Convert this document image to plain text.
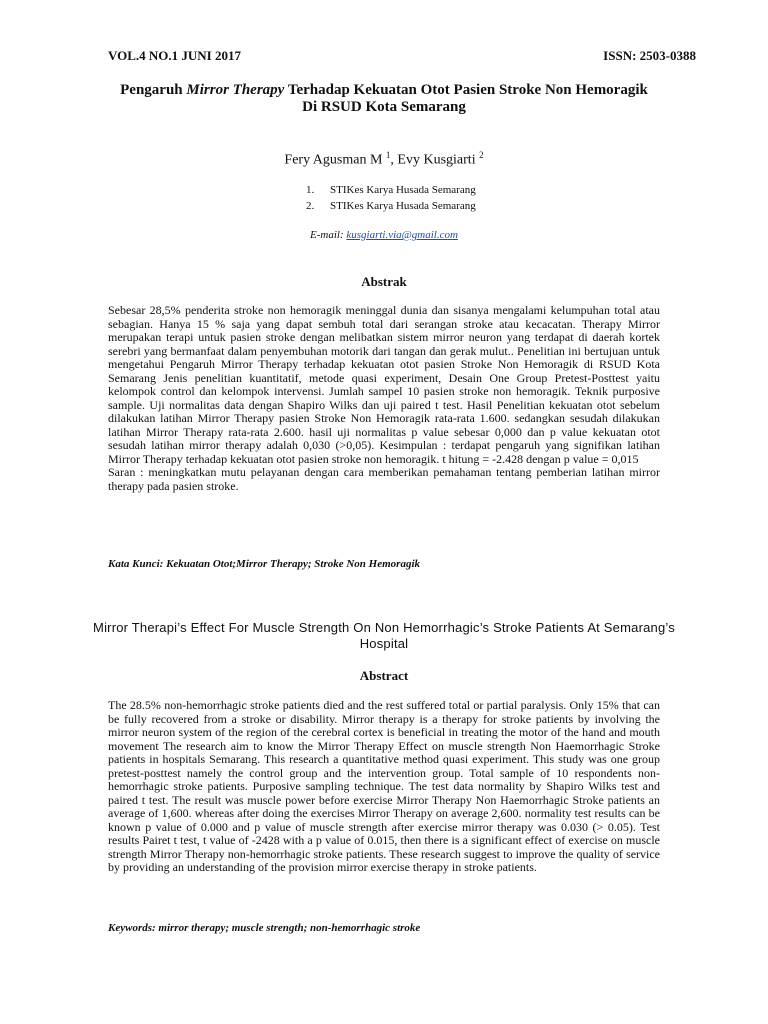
VOL.4 NO.1 JUNI 2017	ISSN: 2503-0388
Pengaruh Mirror Therapy Terhadap Kekuatan Otot Pasien Stroke Non Hemoragik
Di RSUD Kota Semarang
Fery Agusman M $^1$, Evy Kusgiarti $^2$
1.	STIKes Karya Husada Semarang
2.	STIKes Karya Husada Semarang
E-mail: kusgiarti.via@gmail.com
Abstrak

Sebesar 28,5% penderita stroke non hemoragik meninggal dunia dan sisanya mengalami kelumpuhan total atau sebagian. Hanya 15 % saja yang dapat sembuh total dari serangan stroke atau kecacatan. Therapy Mirror merupakan terapi untuk pasien stroke dengan melibatkan sistem mirror neuron yang terdapat di daerah kortek serebri yang bermanfaat dalam penyembuhan motorik dari tangan dan gerak mulut.. Penelitian ini bertujuan untuk mengetahui Pengaruh Mirror Therapy terhadap kekuatan otot pasien Stroke Non Hemoragik di RSUD Kota Semarang Jenis penelitian kuantitatif, metode quasi experiment, Desain One Group Pretest-Posttest yaitu kelompok control dan kelompok intervensi. Jumlah sampel 10 pasien stroke non hemoragik. Teknik purposive sample. Uji normalitas data dengan Shapiro Wilks dan uji paired t test. Hasil Penelitian kekuatan otot sebelum dilakukan latihan Mirror Therapy pasien Stroke Non Hemoragik rata-rata 1.600. sedangkan sesudah dilakukan latihan Mirror Therapy rata-rata 2.600. hasil uji normalitas p value sebesar 0,000 dan p value kekuatan otot sesudah latihan mirror therapy adalah 0,030 (>0,05). Kesimpulan : terdapat pengaruh yang signifikan latihan Mirror Therapy terhadap kekuatan otot pasien stroke non hemoragik. t hitung = -2.428 dengan p value = 0,015

Saran : meningkatkan mutu pelayanan dengan cara memberikan pemahaman tentang pemberian latihan mirror therapy pada pasien stroke.

Kata Kunci: Kekuatan Otot;Mirror Therapy; Stroke Non Hemoragik
Mirror Therapi’s Effect For Muscle Strength On Non Hemorrhagic’s Stroke Patients At Semarang’s Hospital
Abstract

The 28.5% non-hemorrhagic stroke patients died and the rest suffered total or partial paralysis. Only 15% that can be fully recovered from a stroke or disability. Mirror therapy is a therapy for stroke patients by involving the mirror neuron system of the region of the cerebral cortex is beneficial in treating the motor of the hand and mouth movement The research aim to know the Mirror Therapy Effect on muscle strength Non Haemorrhagic Stroke patients in hospitals Semarang. This research a quantitative method quasi experiment. This study was one group pretest-posttest namely the control group and the intervention group. Total sample of 10 respondents non-hemorrhagic stroke patients. Purposive sampling technique. The test data normality by Shapiro Wilks test and paired t test. The result was muscle power before exercise Mirror Therapy Non Haemorrhagic Stroke patients an average of 1,600. whereas after doing the exercises Mirror Therapy on average 2,600. normality test results can be known p value of 0.000 and p value of muscle strength after exercise mirror therapy was 0.030 (> 0.05). Test results Pairet t test, t value of -2428 with a p value of 0.015, then there is a significant effect of exercise on muscle strength Mirror Therapy non-hemorrhagic stroke patients. These research suggest to improve the quality of service by providing an understanding of the provision mirror exercise therapy in stroke patients.

Keywords: mirror therapy; muscle strength; non-hemorrhagic stroke
